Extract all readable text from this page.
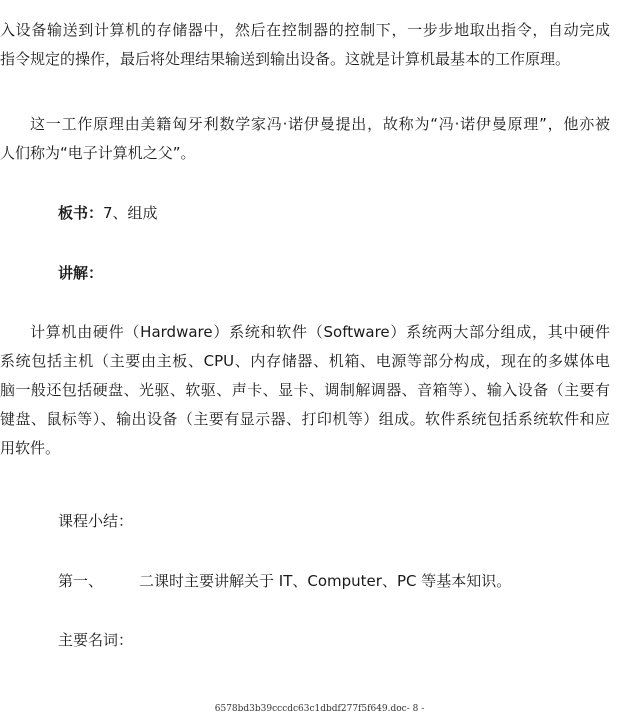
入设备输送到计算机的存储器中，然后在控制器的控制下，一步步地取出指令，自动完成
指令规定的操作，最后将处理结果输送到输出设备。这就是计算机最基本的工作原理。
这一工作原理由美籍匈牙利数学家冯·诺伊曼提出，故称为“冯·诺伊曼原理”，他亦被
人们称为“电子计算机之父”。
板书：7、组成
讲解：
计算机由硬件（Hardware）系统和软件（Software）系统两大部分组成，其中硬件
系统包括主机（主要由主板、CPU、内存储器、机箱、电源等部分构成，现在的多媒体电
脑一般还包括硬盘、光驱、软驱、声卡、显卡、调制解调器、音箱等）、输入设备（主要有
键盘、鼠标等）、输出设备（主要有显示器、打印机等）组成。软件系统包括系统软件和应
用软件。
课程小结：
第一、 二课时主要讲解关于 IT、Computer、PC 等基本知识。
主要名词：
6578bd3b39cccdc63c1dbdf277f5f649.doc- 8 -
